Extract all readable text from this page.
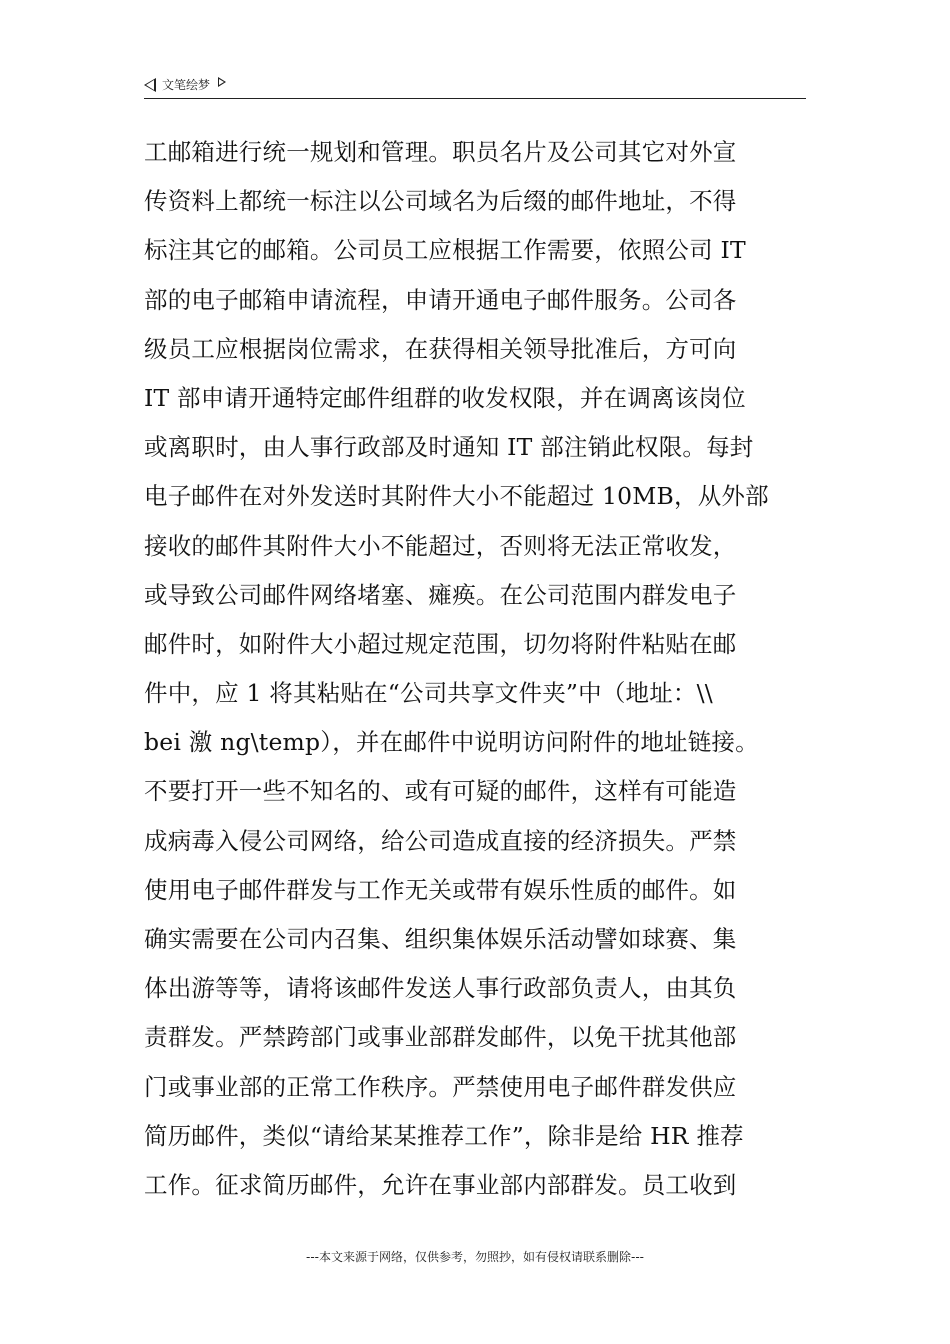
文笔绘梦
工邮箱进行统一规划和管理。职员名片及公司其它对外宣
传资料上都统一标注以公司域名为后缀的邮件地址，不得
标注其它的邮箱。公司员工应根据工作需要，依照公司 IT
部的电子邮箱申请流程，申请开通电子邮件服务。公司各
级员工应根据岗位需求，在获得相关领导批准后，方可向
IT 部申请开通特定邮件组群的收发权限，并在调离该岗位
或离职时，由人事行政部及时通知 IT 部注销此权限。每封
电子邮件在对外发送时其附件大小不能超过 10MB，从外部
接收的邮件其附件大小不能超过，否则将无法正常收发，
或导致公司邮件网络堵塞、瘫痪。在公司范围内群发电子
邮件时，如附件大小超过规定范围，切勿将附件粘贴在邮
件中，应 1 将其粘贴在“公司共享文件夹”中（地址：\\
bei 激 ng\temp），并在邮件中说明访问附件的地址链接。
不要打开一些不知名的、或有可疑的邮件，这样有可能造
成病毒入侵公司网络，给公司造成直接的经济损失。严禁
使用电子邮件群发与工作无关或带有娱乐性质的邮件。如
确实需要在公司内召集、组织集体娱乐活动譬如球赛、集
体出游等等，请将该邮件发送人事行政部负责人，由其负
责群发。严禁跨部门或事业部群发邮件，以免干扰其他部
门或事业部的正常工作秩序。严禁使用电子邮件群发供应
简历邮件，类似“请给某某推荐工作”，除非是给 HR 推荐
工作。征求简历邮件，允许在事业部内部群发。员工收到
---本文来源于网络，仅供参考，勿照抄，如有侵权请联系删除---
